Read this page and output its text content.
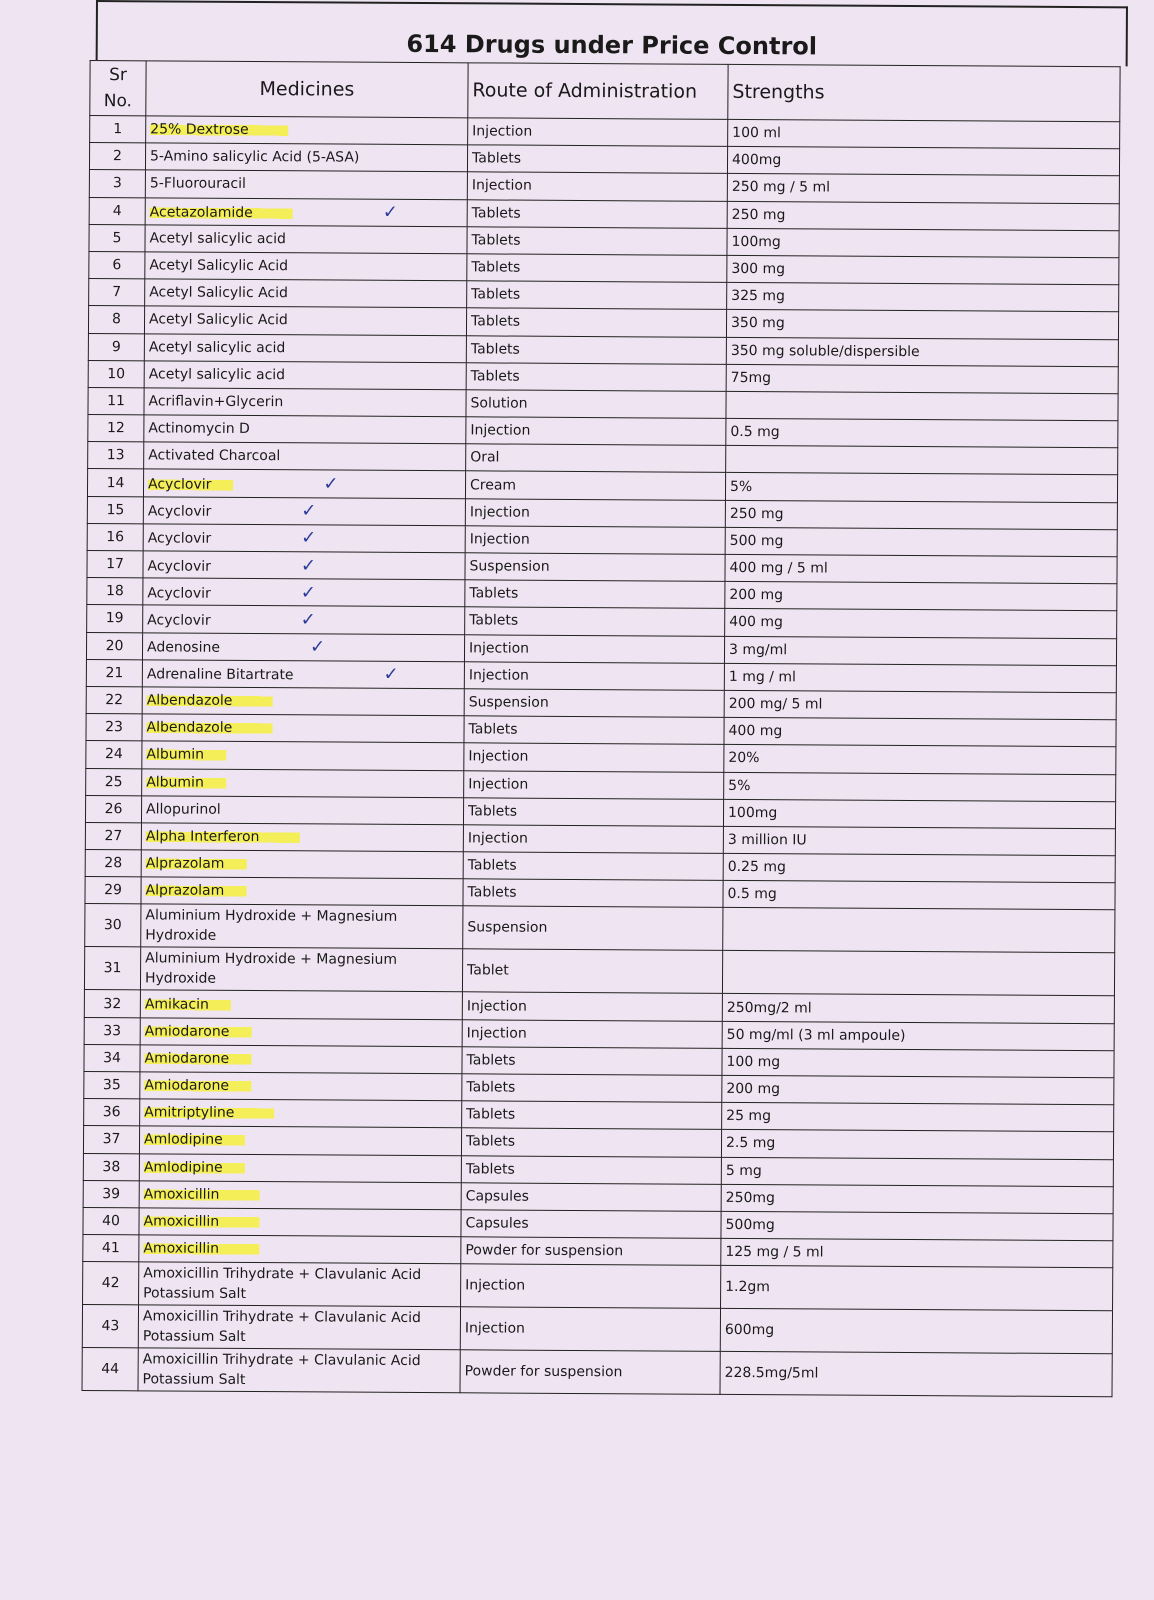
614 Drugs under Price Control
Sr
No.	Medicines	Route of Administration	Strengths
1	25% Dextrose	Injection	100 ml
2	5-Amino salicylic Acid (5-ASA)	Tablets	400mg
3	5-Fluorouracil	Injection	250 mg / 5 ml
4	Acetazolamide ✓	Tablets	250 mg
5	Acetyl salicylic acid	Tablets	100mg
6	Acetyl Salicylic Acid	Tablets	300 mg
7	Acetyl Salicylic Acid	Tablets	325 mg
8	Acetyl Salicylic Acid	Tablets	350 mg
9	Acetyl salicylic acid	Tablets	350 mg soluble/dispersible
10	Acetyl salicylic acid	Tablets	75mg
11	Acriflavin+Glycerin	Solution	
12	Actinomycin D	Injection	0.5 mg
13	Activated Charcoal	Oral	
14	Acyclovir ✓	Cream	5%
15	Acyclovir ✓	Injection	250 mg
16	Acyclovir ✓	Injection	500 mg
17	Acyclovir ✓	Suspension	400 mg / 5 ml
18	Acyclovir ✓	Tablets	200 mg
19	Acyclovir ✓	Tablets	400 mg
20	Adenosine ✓	Injection	3 mg/ml
21	Adrenaline Bitartrate ✓	Injection	1 mg / ml
22	Albendazole	Suspension	200 mg/ 5 ml
23	Albendazole	Tablets	400 mg
24	Albumin	Injection	20%
25	Albumin	Injection	5%
26	Allopurinol	Tablets	100mg
27	Alpha Interferon	Injection	3 million IU
28	Alprazolam	Tablets	0.25 mg
29	Alprazolam	Tablets	0.5 mg
30	Aluminium Hydroxide + Magnesium Hydroxide	Suspension	
31	Aluminium Hydroxide + Magnesium Hydroxide	Tablet	
32	Amikacin	Injection	250mg/2 ml
33	Amiodarone	Injection	50 mg/ml (3 ml ampoule)
34	Amiodarone	Tablets	100 mg
35	Amiodarone	Tablets	200 mg
36	Amitriptyline	Tablets	25 mg
37	Amlodipine	Tablets	2.5 mg
38	Amlodipine	Tablets	5 mg
39	Amoxicillin	Capsules	250mg
40	Amoxicillin	Capsules	500mg
41	Amoxicillin	Powder for suspension	125 mg / 5 ml
42	Amoxicillin Trihydrate + Clavulanic Acid Potassium Salt	Injection	1.2gm
43	Amoxicillin Trihydrate + Clavulanic Acid Potassium Salt	Injection	600mg
44	Amoxicillin Trihydrate + Clavulanic Acid Potassium Salt	Powder for suspension	228.5mg/5ml
